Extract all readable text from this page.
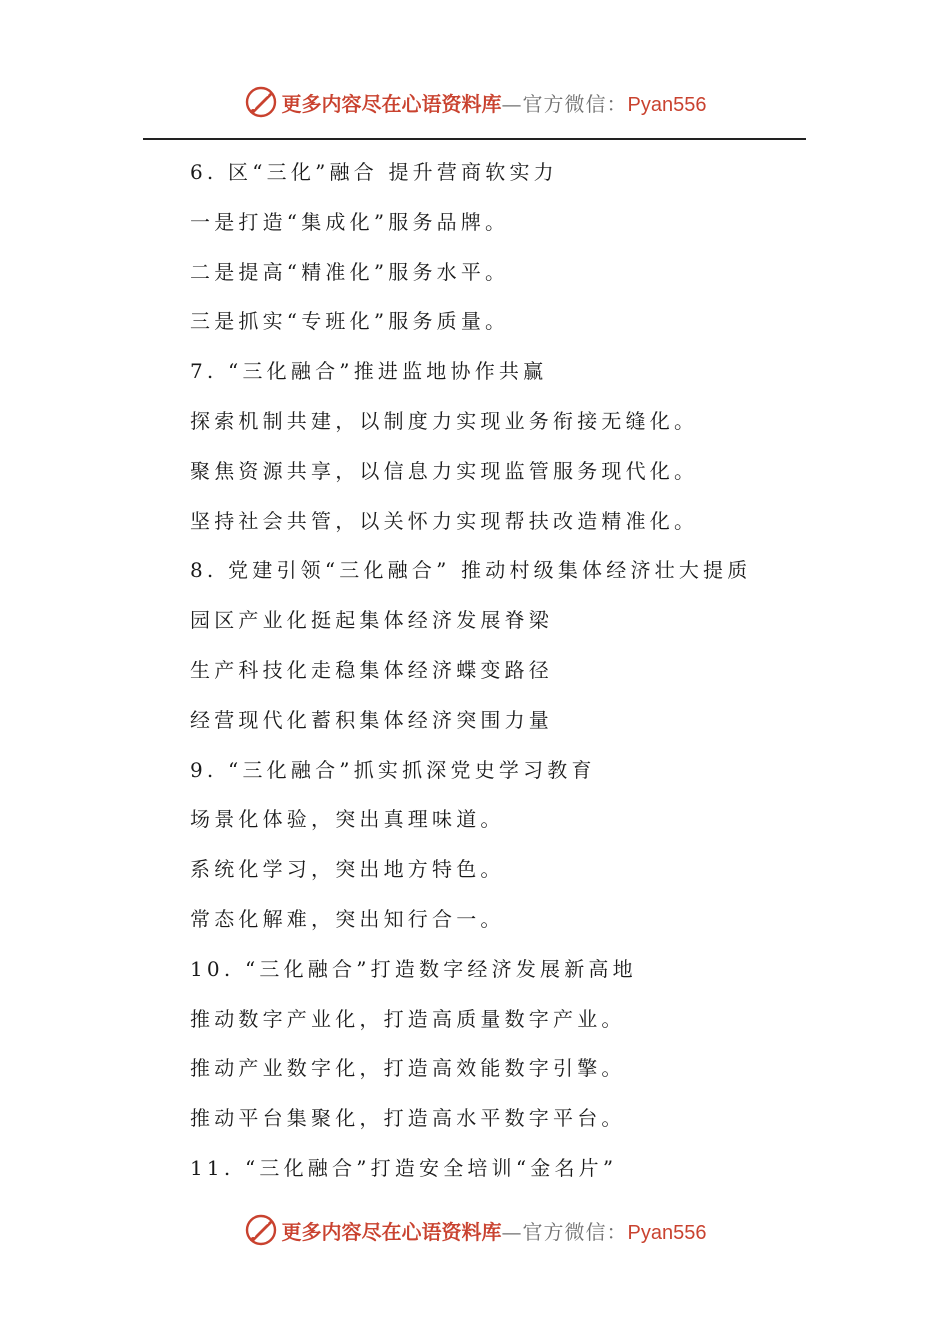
更多内容尽在心语资料库 — 官方微信： Pyan556
6. 区“三化”融合 提升营商软实力
一是打造“集成化”服务品牌。
二是提高“精准化”服务水平。
三是抓实“专班化”服务质量。
7. “三化融合”推进监地协作共赢
探索机制共建，以制度力实现业务衔接无缝化。
聚焦资源共享，以信息力实现监管服务现代化。
坚持社会共管，以关怀力实现帮扶改造精准化。
8. 党建引领“三化融合” 推动村级集体经济壮大提质
园区产业化挺起集体经济发展脊梁
生产科技化走稳集体经济蝶变路径
经营现代化蓄积集体经济突围力量
9. “三化融合”抓实抓深党史学习教育
场景化体验，突出真理味道。
系统化学习，突出地方特色。
常态化解难，突出知行合一。
10. “三化融合”打造数字经济发展新高地
推动数字产业化，打造高质量数字产业。
推动产业数字化，打造高效能数字引擎。
推动平台集聚化，打造高水平数字平台。
11. “三化融合”打造安全培训“金名片”
更多内容尽在心语资料库 — 官方微信： Pyan556
